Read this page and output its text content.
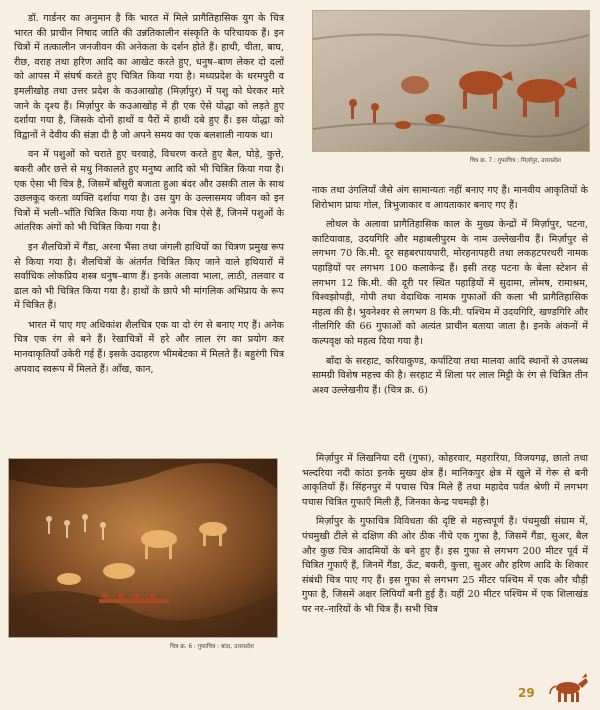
डॉ. गार्डनर का अनुमान है कि भारत में मिले प्रागैतिहासिक युग के चित्र भारत की प्राचीन निषाद जाति की उन्नतिकालीन संस्कृति के परिचायक हैं। इन चित्रों में तत्कालीन जनजीवन की अनेकता के दर्शन होते हैं। हाथी, चीता, बाघ, रीछ, वराह तथा हरिण आदि का आखेट करते हुए, धनुष–बाण लेकर दो दलों को आपस में संघर्ष करते हुए चित्रित किया गया है। मध्यप्रदेश के धरमपुरी व इमलीखोह तथा उत्तर प्रदेश के कउआखोह (मिर्ज़ापुर) में पशु को घेरकर मारे जाने के दृश्य हैं। मिर्ज़ापुर के कउआखोह में ही एक ऐसे योद्धा को लड़ते हुए दर्शाया गया है, जिसके दोनों हाथों व पैरों में हाथी दबे हुए हैं। इस योद्धा को विद्वानों ने देवीय की संज्ञा दी है जो अपने समय का एक बलशाली नायक था।

वन में पशुओं को चराते हुए चरवाहे, विचरण करते हुए बैल, घोड़े, कुत्ते, बकरी और छत्ते से मधु निकालते हुए मनुष्य आदि को भी चित्रित किया गया है। एक ऐसा भी चित्र है, जिसमें बाँसुरी बजाता हुआ बंदर और उसकी ताल के साथ उछलकूद करता व्यक्ति दर्शाया गया है। उस युग के उल्लासमय जीवन को इन चित्रों में भली–भाँति चित्रित किया गया है। अनेक चित्र ऐसे हैं, जिनमें पशुओं के आंतरिक अंगों को भी चित्रित किया गया है।

इन शैलचित्रों में गैंडा, अरना भैंसा तथा जंगली हाथियों का चित्रण प्रमुख रूप से किया गया है। शैलचित्रों के अंतर्गत चित्रित किए जाने वाले हथियारों में सर्वाधिक लोकप्रिय शस्त्र धनुष–बाण हैं। इनके अलावा भाला, लाठी, तलवार व ढाल को भी चित्रित किया गया है। हाथों के छापे भी मांगलिक अभिप्राय के रूप में चित्रित हैं।

भारत में पाए गए अधिकांश शैलचित्र एक या दो रंग से बनाए गए हैं। अनेक चित्र एक रंग से बने हैं। रेखाचित्रों में हरे और लाल रंग का प्रयोग कर मानवाकृतियाँ उकेरी गई हैं। इसके उदाहरण भीमबेटका में मिलते हैं। बहुरंगी चित्र अपवाद स्वरूप में मिलते हैं। आँख, कान,

चित्र क्र. 7 : गुफाचित्र : मिर्ज़ापुर, उत्तरप्रदेश

नाक तथा उंगलियाँ जैसे अंग सामान्यतः नहीं बनाए गए हैं। मानवीय आकृतियों के शिरोभाग प्रायः गोल, त्रिभुजाकार व आयताकार बनाए गए हैं।

लोथल के अलावा प्रागैतिहासिक काल के मुख्य केन्द्रों में मिर्ज़ापुर, पटना, काटियावाड, उदयगिरि और महाबलीपुरम के नाम उल्लेखनीय हैं। मिर्ज़ापुर से लगभग 70 कि.मी. दूर सहबरपायपारी, मोरहनापहरी तथा लकहटपरथरी नामक पहाड़ियों पर लगभग 100 कलाकेन्द्र हैं। इसी तरह पटना के बेला स्टेशन से लगभग 12 कि.मी. की दूरी पर स्थित पहाड़ियों में सुदामा, लोमष, रामाश्रम, विश्वझोपड़ी, गोपी तथा वेदाथिक नामक गुफाओं की कला भी प्रागैतिहासिक महत्व की है। भुवनेश्वर से लगभग 8 कि.मी. पश्चिम में उदयगिरि, खण्डगिरि और नीलगिरि की 66 गुफाओं को अत्यंत प्राचीन बताया जाता है। इनके अंकनों में कल्पवृक्ष को महत्व दिया गया है।

बाँदा के सरहाट, करियाकुण्ड, कर्पाटिया तथा मालवा आदि स्थानों से उपलब्ध सामग्री विशेष महत्त्व की है। सरहाट में शिला पर लाल मिट्टी के रंग से चित्रित तीन अश्व उल्लेखनीय हैं। (चित्र क्र. 6)

मिर्ज़ापुर में लिखनिया दरी (गुफा), कोहरवार, महरारिया, विजयगढ़, छातो तथा भल्दरिया नदी कांठा इनके मुख्य क्षेत्र हैं। मानिकपुर क्षेत्र में खुले में गेरू से बनी आकृतियाँ हैं। सिंहनपुर में पचास चित्र मिले हैं तथा महादेव पर्वत श्रेणी में लगभग पचास चित्रित गुफाएँ मिली हैं, जिनका केन्द्र पचमढ़ी है।

मिर्ज़ापुर के गुफाचित्र विविधता की दृष्टि से महत्त्वपूर्ण हैं। पंचमुखी संग्राम में, पंचमुखी टीले से दक्षिण की ओर ठीक नीचे एक गुफा है, जिसमें गैंडा, सुअर, बैल और कुछ चित्र आदमियों के बने हुए हैं। इस गुफा से लगभग 200 मीटर पूर्व में चित्रित गुफाएँ हैं, जिनमें गैंडा, ऊँट, बकरी, कुत्ता, सुअर और हरिण आदि के शिकार संबंधी चित्र पाए गए हैं। इस गुफा से लगभग 25 मीटर पश्चिम में एक और चौड़ी गुफा है, जिसमें अक्षर लिपियाँ बनी हुई हैं। यहीं 20 मीटर पश्चिम में एक शिलाखंड पर नर–नारियों के भी चित्र हैं। सभी चित्र

चित्र क्र. 6 : गुफाचित्र : बांदा, उत्तरप्रदेश
29
